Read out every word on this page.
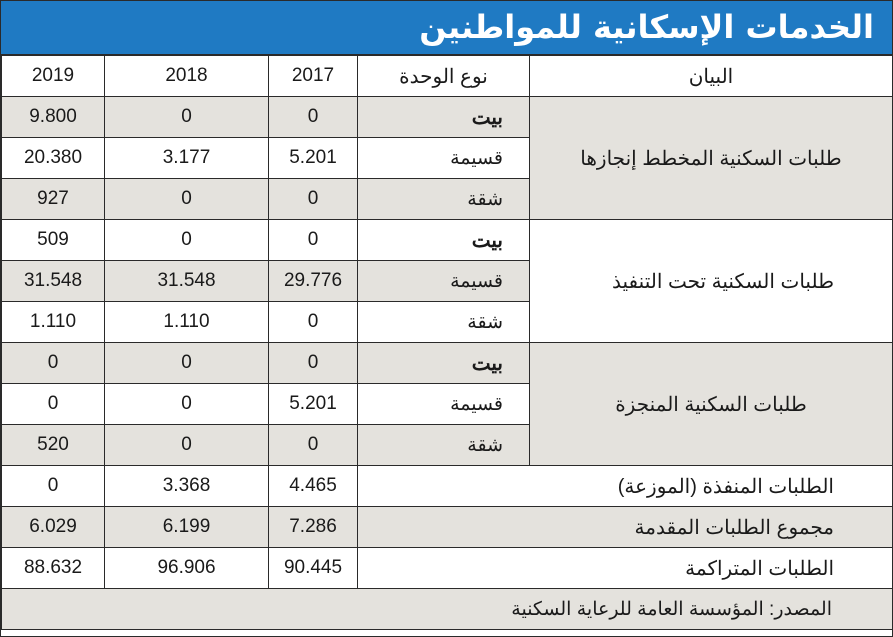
الخدمات الإسكانية للمواطنين
2019	2018	2017	نوع الوحدة	البيان
9.800	0	0	بيت	طلبات السكنية المخطط إنجازها
20.380	3.177	5.201	قسيمة	
927	0	0	شقة	
509	0	0	بيت	طلبات السكنية تحت التنفيذ
31.548	31.548	29.776	قسيمة	
1.110	1.110	0	شقة	
0	0	0	بيت	طلبات السكنية المنجزة
0	0	5.201	قسيمة	
520	0	0	شقة	
0	3.368	4.465	الطلبات المنفذة (الموزعة)	
6.029	6.199	7.286	مجموع الطلبات المقدمة	
88.632	96.906	90.445	الطلبات المتراكمة	
المصدر: المؤسسة العامة للرعاية السكنية				
